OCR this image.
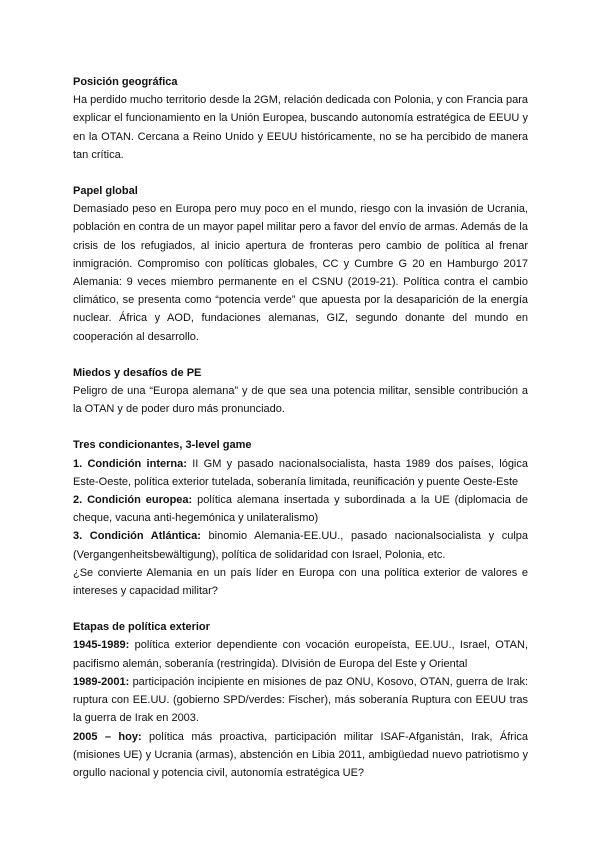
Posición geográfica

Ha perdido mucho territorio desde la 2GM, relación dedicada con Polonia, y con Francia para explicar el funcionamiento en la Unión Europea, buscando autonomía estratégica de EEUU y en la OTAN. Cercana a Reino Unido y EEUU históricamente, no se ha percibido de manera tan crítica.

Papel global

Demasiado peso en Europa pero muy poco en el mundo, riesgo con la invasión de Ucrania, población en contra de un mayor papel militar pero a favor del envío de armas. Además de la crisis de los refugiados, al inicio apertura de fronteras pero cambio de política al frenar inmigración. Compromiso con políticas globales, CC y Cumbre G 20 en Hamburgo 2017 Alemania: 9 veces miembro permanente en el CSNU (2019-21). Política contra el cambio climático, se presenta como “potencia verde” que apuesta por la desaparición de la energía nuclear. África y AOD, fundaciones alemanas, GIZ, segundo donante del mundo en cooperación al desarrollo.

Miedos y desafíos de PE

Peligro de una “Europa alemana” y de que sea una potencia militar, sensible contribución a la OTAN y de poder duro más pronunciado.

Tres condicionantes, 3-level game

1. Condición interna: II GM y pasado nacionalsocialista, hasta 1989 dos países, lógica Este-Oeste, política exterior tutelada, soberanía limitada, reunificación y puente Oeste-Este

2. Condición europea: política alemana insertada y subordinada a la UE (diplomacia de cheque, vacuna anti-hegemónica y unilateralismo)

3. Condición Atlántica: binomio Alemania-EE.UU., pasado nacionalsocialista y culpa (Vergangenheitsbewältigung), política de solidaridad con Israel, Polonia, etc.

¿Se convierte Alemania en un país líder en Europa con una política exterior de valores e intereses y capacidad militar?

Etapas de política exterior

1945-1989: política exterior dependiente con vocación europeísta, EE.UU., Israel, OTAN, pacifismo alemán, soberanía (restringida). DIvisión de Europa del Este y Oriental

1989-2001: participación incipiente en misiones de paz ONU, Kosovo, OTAN, guerra de Irak: ruptura con EE.UU. (gobierno SPD/verdes: Fischer), más soberanía Ruptura con EEUU tras la guerra de Irak en 2003.

2005 – hoy: política más proactiva, participación militar ISAF-Afganistán, Irak, África (misiones UE) y Ucrania (armas), abstención en Libia 2011, ambigüedad nuevo patriotismo y orgullo nacional y potencia civil, autonomía estratégica UE?
